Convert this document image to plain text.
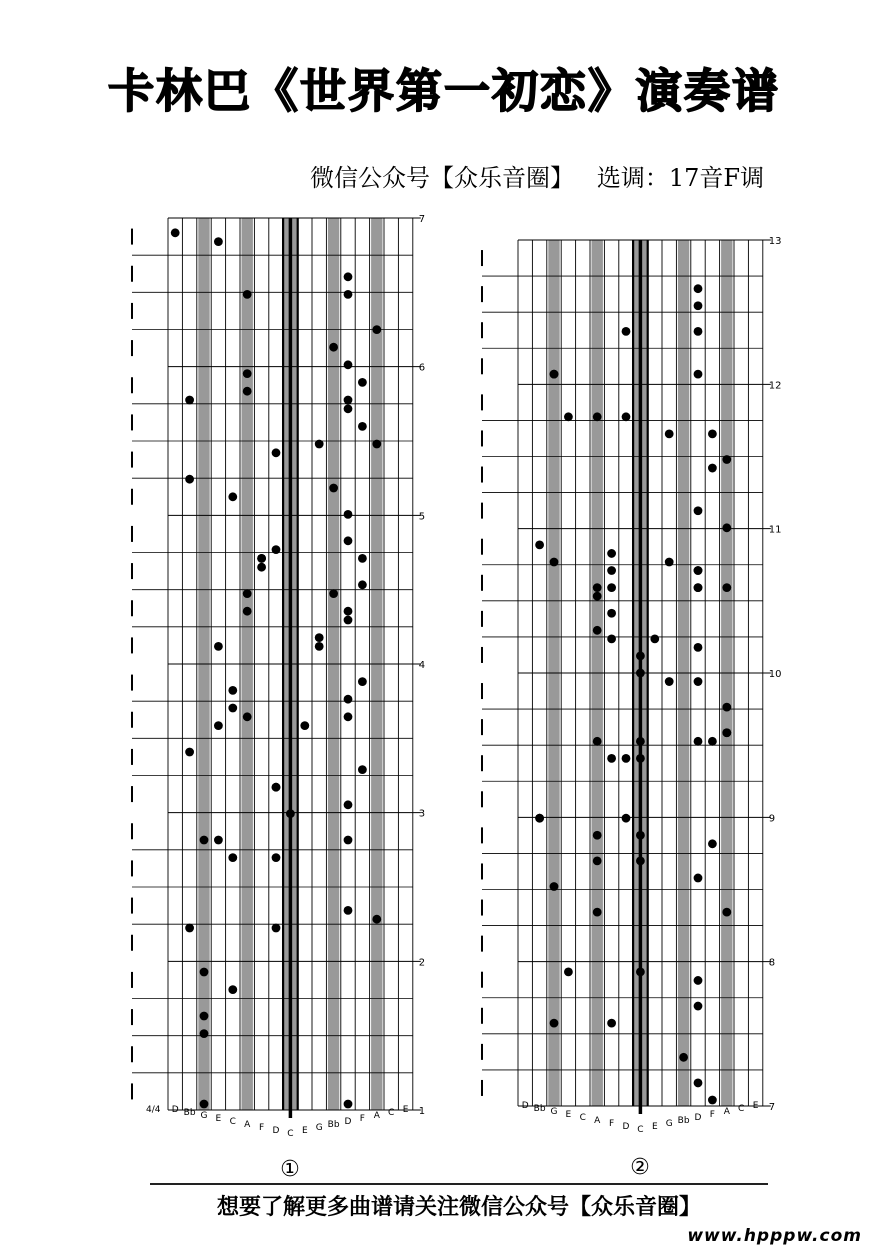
卡林巴《世界第一初恋》演奏谱
微信公众号【众乐音圈】   选调：17音F调
1
2
3
4
5
6
7
D Bb G E C A F D C E G Bb D F A C E
4/4
①
7
8
9
10
11
12
13
D Bb G E C A F D C E G Bb D F A C E
②
想要了解更多曲谱请关注微信公众号【众乐音圈】
www.hpppw.com
